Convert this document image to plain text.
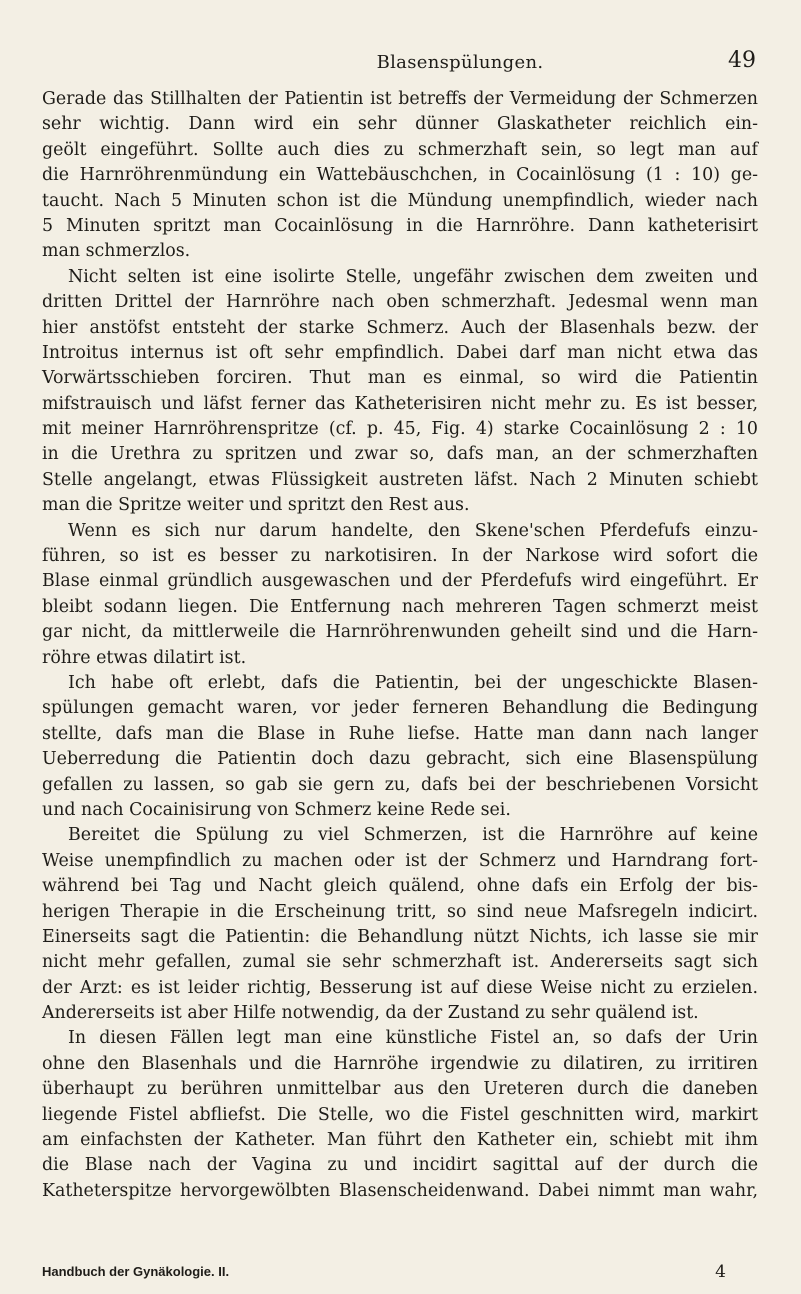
Blasenspülungen.	49
Gerade das Stillhalten der Patientin ist betreffs der Vermeidung der Schmerzen
sehr wichtig. Dann wird ein sehr dünner Glaskatheter reichlich ein-
geölt eingeführt. Sollte auch dies zu schmerzhaft sein, so legt man auf
die Harnröhrenmündung ein Wattebäuschchen, in Cocainlösung (1 : 10) ge-
taucht. Nach 5 Minuten schon ist die Mündung unempfindlich, wieder nach
5 Minuten spritzt man Cocainlösung in die Harnröhre. Dann katheterisirt
man schmerzlos.
Nicht selten ist eine isolirte Stelle, ungefähr zwischen dem zweiten und
dritten Drittel der Harnröhre nach oben schmerzhaft. Jedesmal wenn man
hier anstöfst entsteht der starke Schmerz. Auch der Blasenhals bezw. der
Introitus internus ist oft sehr empfindlich. Dabei darf man nicht etwa das
Vorwärtsschieben forciren. Thut man es einmal, so wird die Patientin
mifstrauisch und läfst ferner das Katheterisiren nicht mehr zu. Es ist besser,
mit meiner Harnröhrenspritze (cf. p. 45, Fig. 4) starke Cocainlösung 2 : 10
in die Urethra zu spritzen und zwar so, dafs man, an der schmerzhaften
Stelle angelangt, etwas Flüssigkeit austreten läfst. Nach 2 Minuten schiebt
man die Spritze weiter und spritzt den Rest aus.
Wenn es sich nur darum handelte, den Skene'schen Pferdefufs einzu-
führen, so ist es besser zu narkotisiren. In der Narkose wird sofort die
Blase einmal gründlich ausgewaschen und der Pferdefufs wird eingeführt. Er
bleibt sodann liegen. Die Entfernung nach mehreren Tagen schmerzt meist
gar nicht, da mittlerweile die Harnröhrenwunden geheilt sind und die Harn-
röhre etwas dilatirt ist.
Ich habe oft erlebt, dafs die Patientin, bei der ungeschickte Blasen-
spülungen gemacht waren, vor jeder ferneren Behandlung die Bedingung
stellte, dafs man die Blase in Ruhe liefse. Hatte man dann nach langer
Ueberredung die Patientin doch dazu gebracht, sich eine Blasenspülung
gefallen zu lassen, so gab sie gern zu, dafs bei der beschriebenen Vorsicht
und nach Cocainisirung von Schmerz keine Rede sei.
Bereitet die Spülung zu viel Schmerzen, ist die Harnröhre auf keine
Weise unempfindlich zu machen oder ist der Schmerz und Harndrang fort-
während bei Tag und Nacht gleich quälend, ohne dafs ein Erfolg der bis-
herigen Therapie in die Erscheinung tritt, so sind neue Mafsregeln indicirt.
Einerseits sagt die Patientin: die Behandlung nützt Nichts, ich lasse sie mir
nicht mehr gefallen, zumal sie sehr schmerzhaft ist. Andererseits sagt sich
der Arzt: es ist leider richtig, Besserung ist auf diese Weise nicht zu erzielen.
Andererseits ist aber Hilfe notwendig, da der Zustand zu sehr quälend ist.
In diesen Fällen legt man eine künstliche Fistel an, so dafs der Urin
ohne den Blasenhals und die Harnröhe irgendwie zu dilatiren, zu irritiren
überhaupt zu berühren unmittelbar aus den Ureteren durch die daneben
liegende Fistel abfliefst. Die Stelle, wo die Fistel geschnitten wird, markirt
am einfachsten der Katheter. Man führt den Katheter ein, schiebt mit ihm
die Blase nach der Vagina zu und incidirt sagittal auf der durch die
Katheterspitze hervorgewölbten Blasenscheidenwand. Dabei nimmt man wahr,
Handbuch der Gynäkologie. II.	4
